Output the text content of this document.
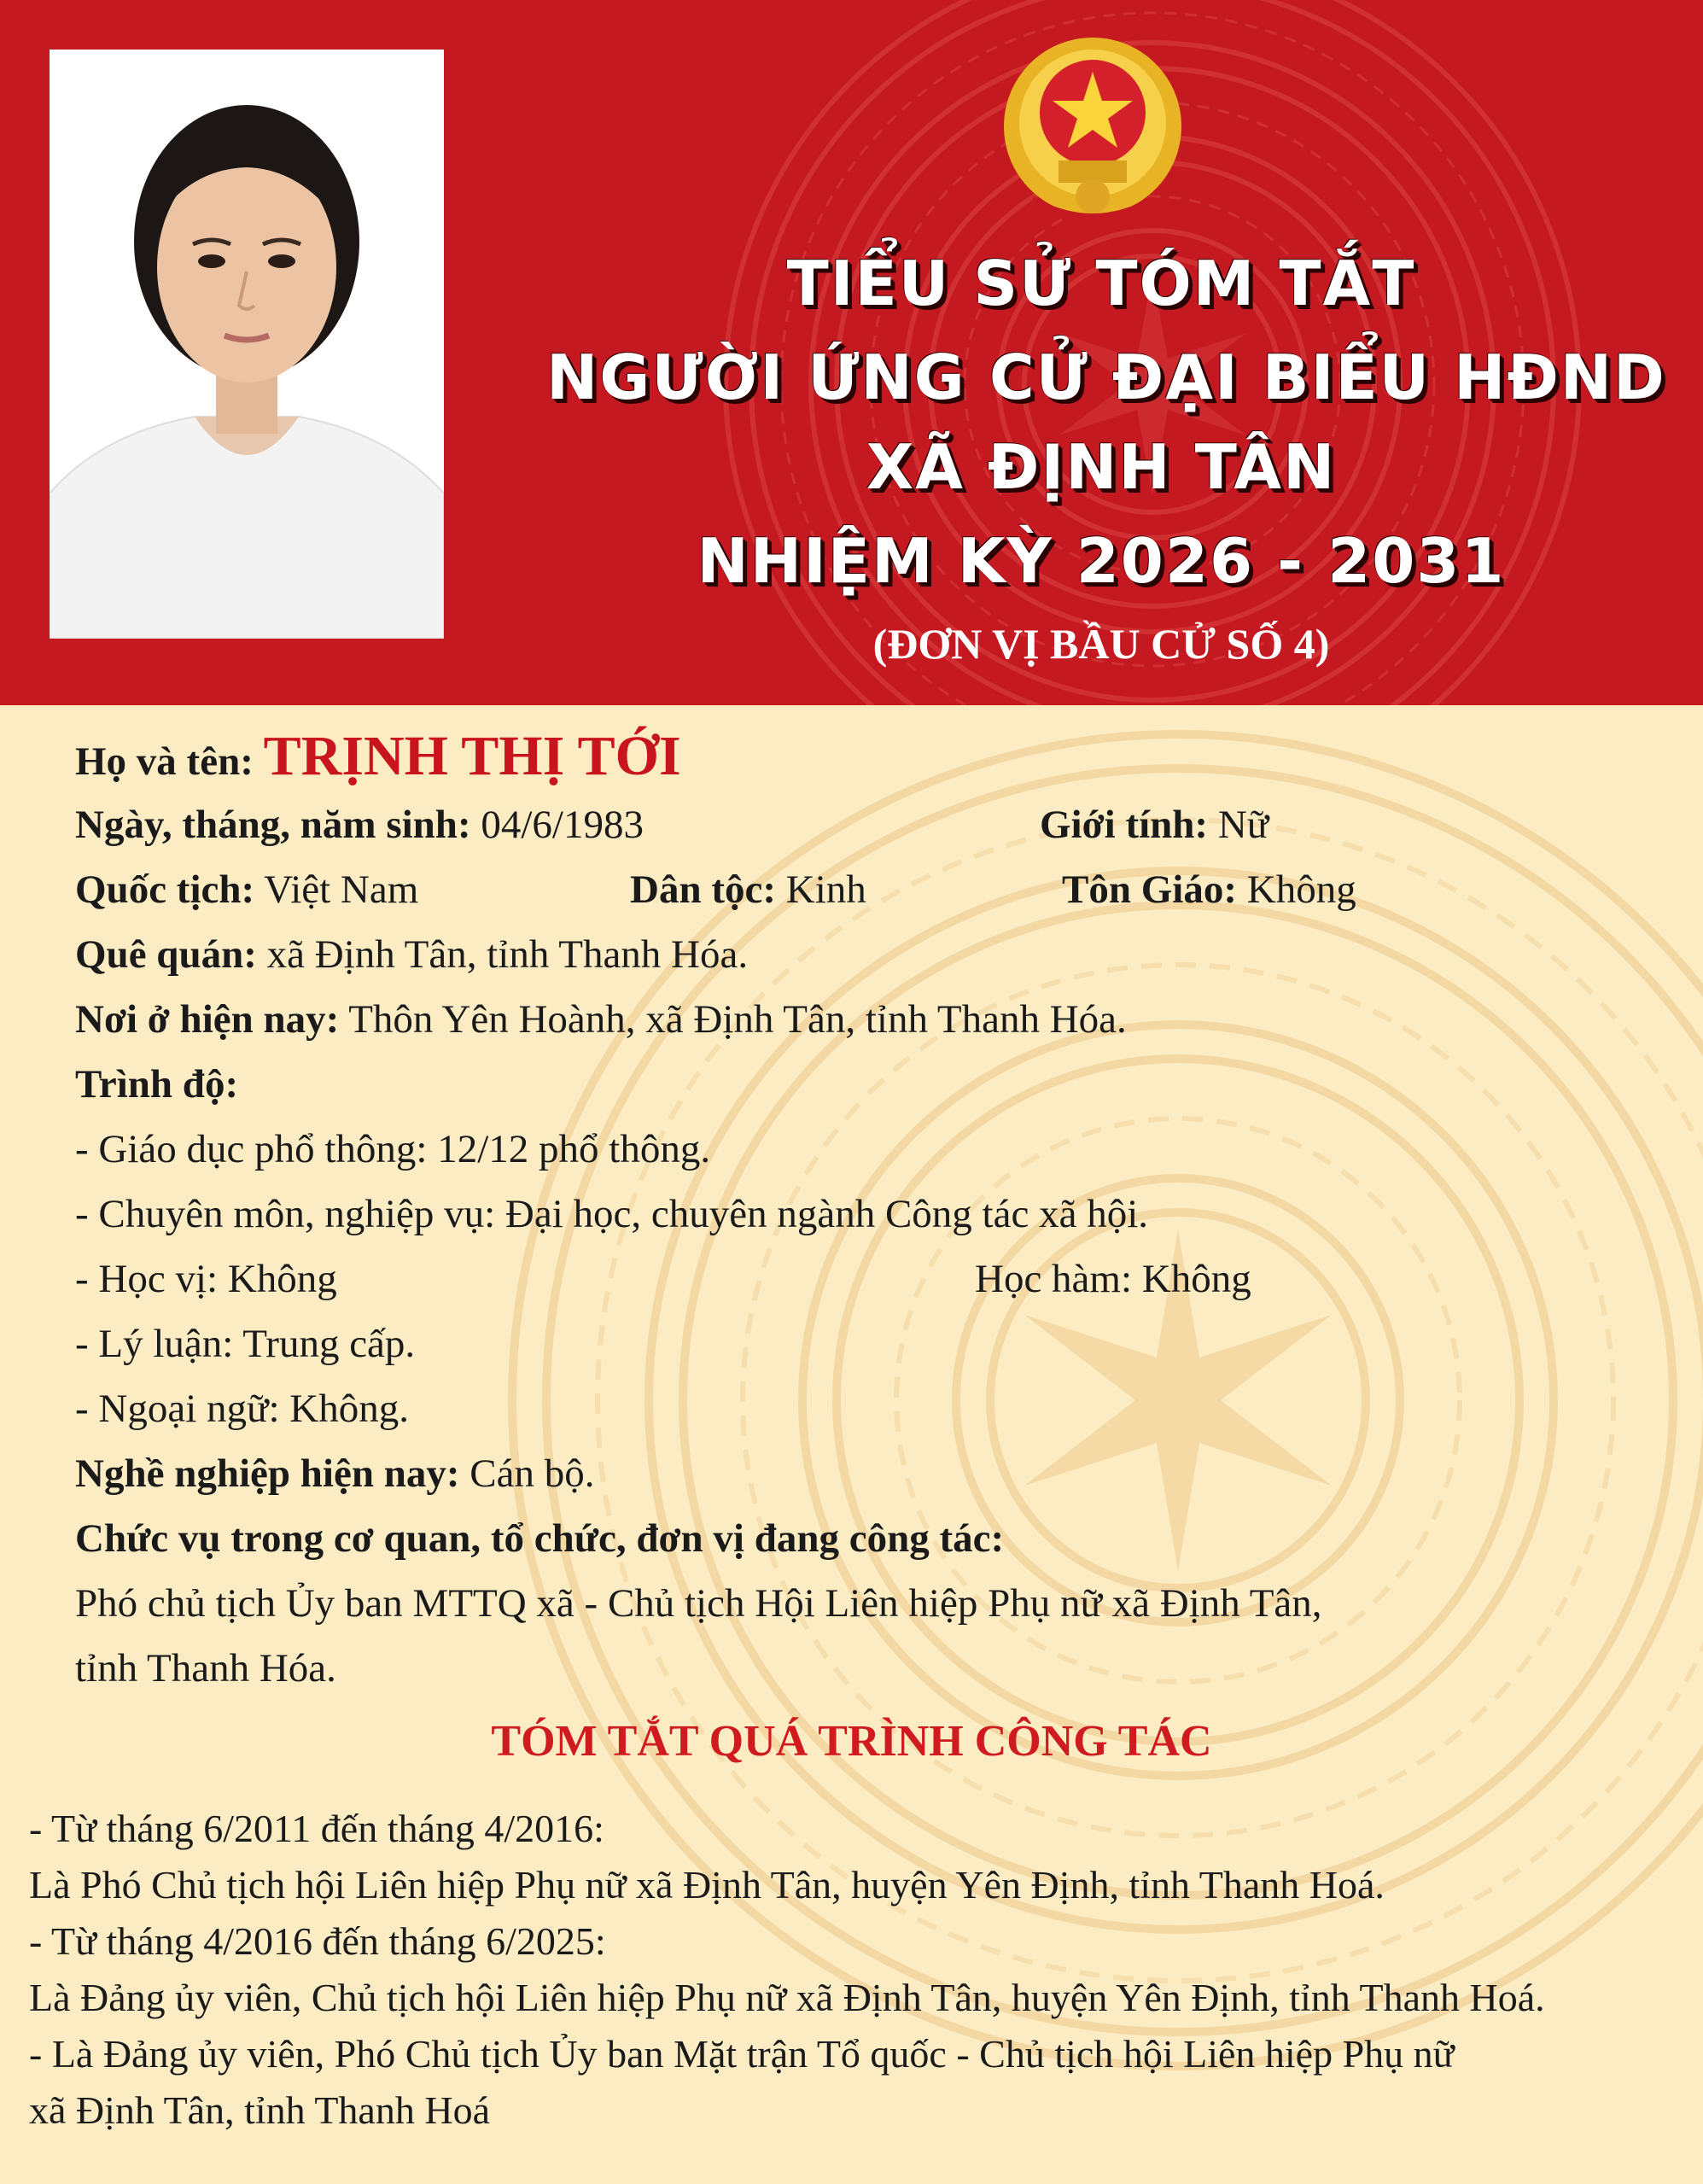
TIỂU SỬ TÓM TẮT
NGƯỜI ỨNG CỬ ĐẠI BIỂU HĐND
XÃ ĐỊNH TÂN
NHIỆM KỲ 2026 - 2031
(ĐƠN VỊ BẦU CỬ SỐ 4)
Họ và tên: TRỊNH THỊ TỚI
Ngày, tháng, năm sinh: 04/6/1983	Giới tính: Nữ
Quốc tịch: Việt Nam	Dân tộc: Kinh	Tôn Giáo: Không
Quê quán: xã Định Tân, tỉnh Thanh Hóa.
Nơi ở hiện nay: Thôn Yên Hoành, xã Định Tân, tỉnh Thanh Hóa.
Trình độ:
- Giáo dục phổ thông: 12/12 phổ thông.
- Chuyên môn, nghiệp vụ: Đại học, chuyên ngành Công tác xã hội.
- Học vị: Không	Học hàm: Không
- Lý luận: Trung cấp.
- Ngoại ngữ: Không.
Nghề nghiệp hiện nay: Cán bộ.
Chức vụ trong cơ quan, tổ chức, đơn vị đang công tác:
Phó chủ tịch Ủy ban MTTQ xã - Chủ tịch Hội Liên hiệp Phụ nữ xã Định Tân,
tỉnh Thanh Hóa.
TÓM TẮT QUÁ TRÌNH CÔNG TÁC
- Từ tháng 6/2011 đến tháng 4/2016:
Là Phó Chủ tịch hội Liên hiệp Phụ nữ xã Định Tân, huyện Yên Định, tỉnh Thanh Hoá.
- Từ tháng 4/2016 đến tháng 6/2025:
Là Đảng ủy viên, Chủ tịch hội Liên hiệp Phụ nữ xã Định Tân, huyện Yên Định, tỉnh Thanh Hoá.
- Là Đảng ủy viên, Phó Chủ tịch Ủy ban Mặt trận Tổ quốc - Chủ tịch hội Liên hiệp Phụ nữ
xã Định Tân, tỉnh Thanh Hoá
